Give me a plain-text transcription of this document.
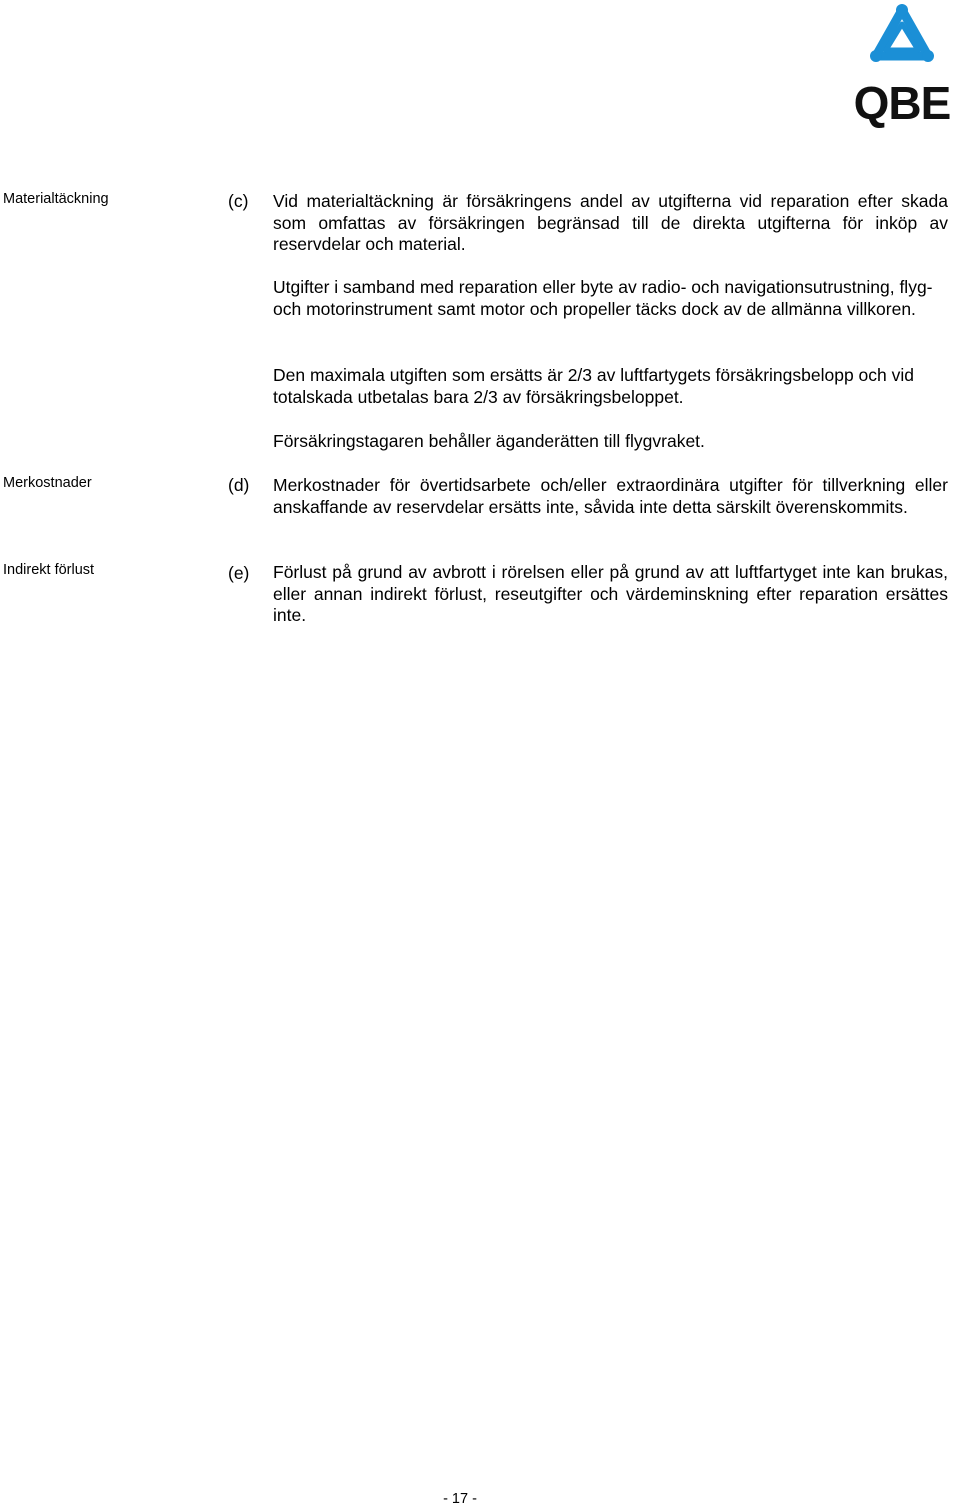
QBE
Materialtäckning	(c) Vid materialtäckning är försäkringens andel av utgifterna vid reparation efter skada som omfattas av försäkringen begränsad till de direkta utgifterna för inköp av reservdelar och material.

Utgifter i samband med reparation eller byte av radio- och navigationsutrustning, flyg- och motorinstrument samt motor och propeller täcks dock av de allmänna villkoren.

Den maximala utgiften som ersätts är 2/3 av luftfartygets försäkringsbelopp och vid totalskada utbetalas bara 2/3 av försäkringsbeloppet.

Försäkringstagaren behåller äganderätten till flygvraket.

Merkostnader	(d) Merkostnader för övertidsarbete och/eller extraordinära utgifter för tillverkning eller anskaffande av reservdelar ersätts inte, såvida inte detta särskilt överenskommits.

Indirekt förlust	(e) Förlust på grund av avbrott i rörelsen eller på grund av att luftfartyget inte kan brukas, eller annan indirekt förlust, reseutgifter och värdeminskning efter reparation ersättes inte.

- 17 -
